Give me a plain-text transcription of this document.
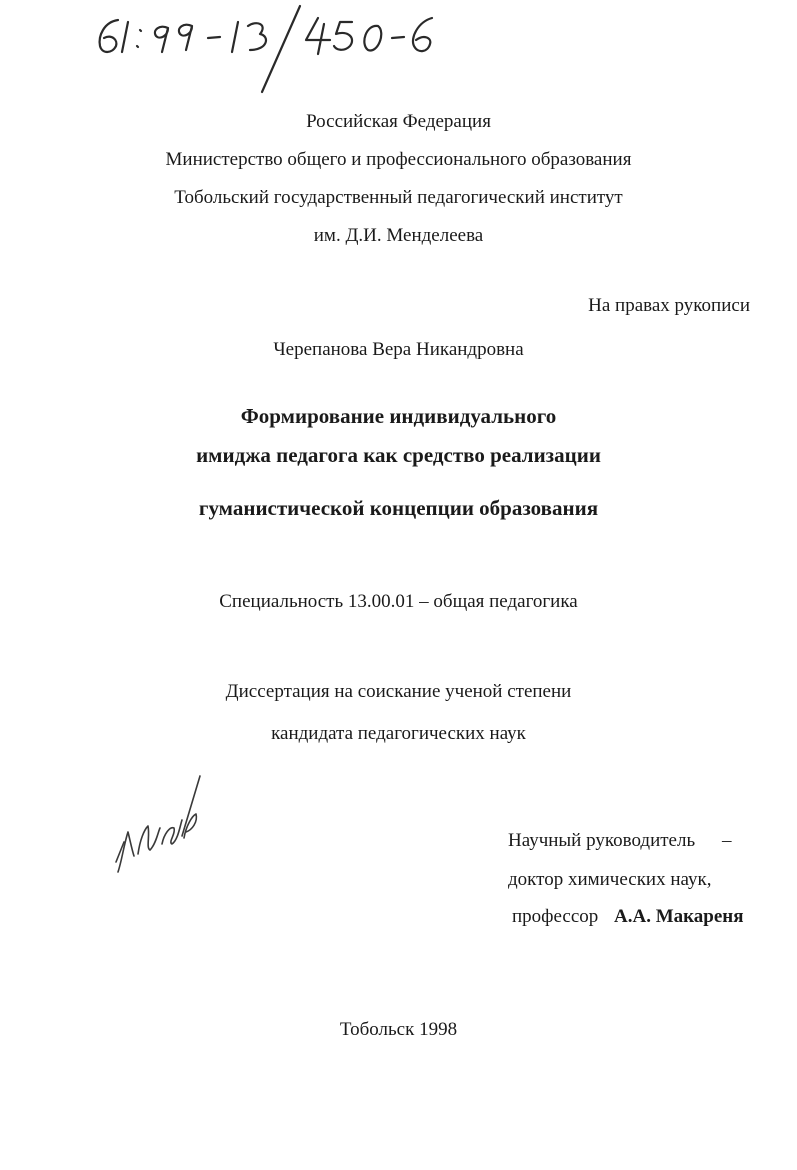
Российская Федерация
Министерство общего и профессионального образования
Тобольский государственный педагогический институт
им. Д.И. Менделеева
На правах рукописи
Черепанова Вера Никандровна
Формирование индивидуального
имиджа педагога как средство реализации
гуманистической концепции образования
Специальность 13.00.01 – общая педагогика
Диссертация на соискание ученой степени
кандидата педагогических наук
Научный руководитель –
доктор химических наук,
профессор А.А. Макареня
Тобольск 1998
